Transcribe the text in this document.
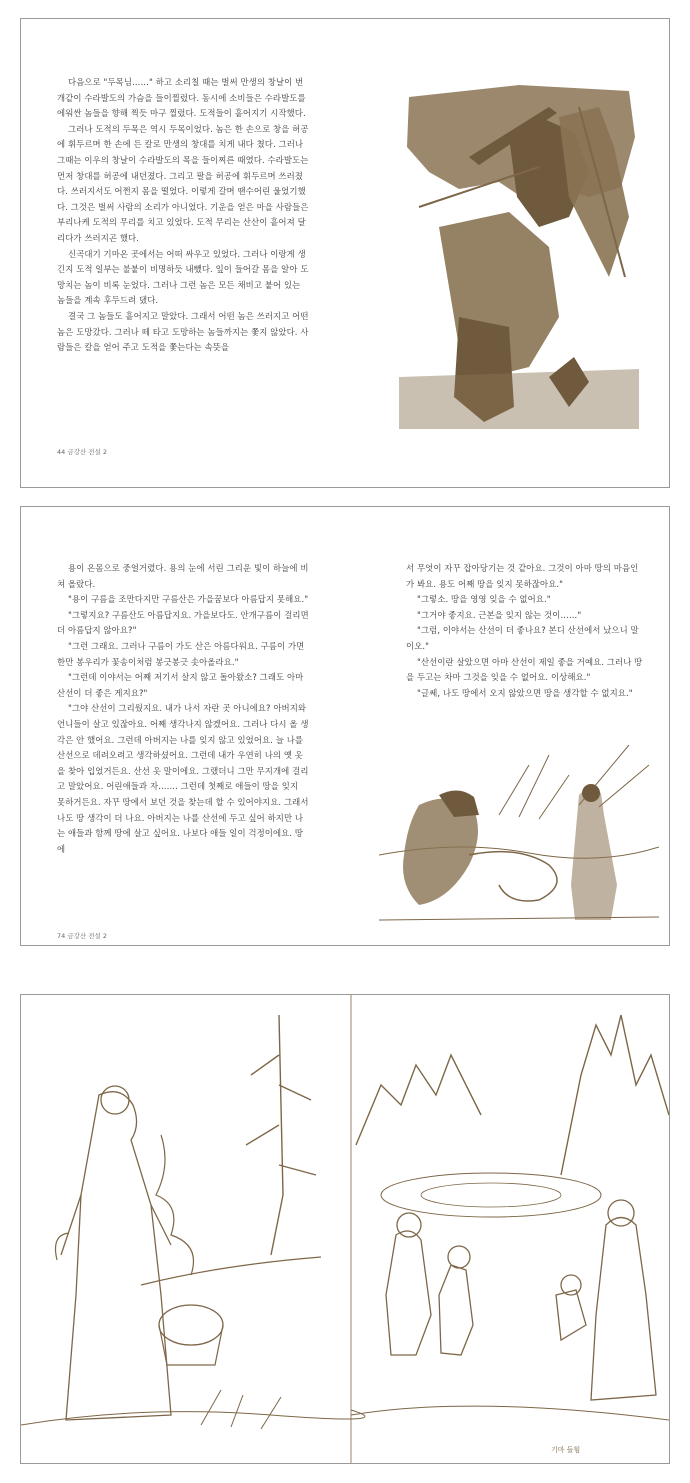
다음으로 "두목님……" 하고 소리칠 때는 벌써 만생의 창날이 번개같이 수라발도의 가슴을 들이찔렀다. 동시에 소비들은 수라발도를 에워싼 놈들을 향해 찍듯 마구 찔렀다. 도적들이 흩어지기 시작했다.

그러나 도적의 두목은 역시 두목이었다. 놈은 한 손으로 창을 허공에 휘두르며 한 손에 든 칼로 만생의 창대를 치게 내다 쳤다. 그러나 그때는 이우의 창날이 수라발도의 목을 들이찌른 때였다. 수라발도는 먼저 창대를 허공에 내던졌다. 그리고 팔을 허공에 휘두르며 쓰러졌다. 쓰러지서도 어쩐지 몸을 떨었다. 이렇게 갈며 땐수어린 울었기했다. 그것은 벌써 사람의 소리가 아니었다. 기운을 얻은 마을 사람들은 부리나케 도적의 무리를 치고 있었다. 도적 무리는 산산이 흩어져 달리다가 쓰러지곤 했다.

신곡대기 기마온 곳에서는 어떠 싸우고 있었다. 그러나 이랑게 생긴지 도적 일부는 불붙이 비명하듯 내뺐다. 잎이 들어갈 몸을 알아 도망치는 놈이 비록 눈었다. 그러나 그런 놈은 모든 채비고 붙어 있는 놈들을 계속 후두드려 댔다.

결국 그 놈들도 흩어지고 말았다. 그래서 어떤 놈은 쓰러지고 어떤 놈은 도망갔다. 그러나 떼 타고 도망하는 놈들까지는 쫓지 않았다. 사람들은 칼을 얻어 주고 도적을 쫓는다는 속뜻을

44 금강산 전설 2

용이 온몸으로 중얼거렸다. 용의 눈에 서린 그리운 빛이 하늘에 비쳐 올랐다.

"용이 구름을 조만다지만 구름산은 가을꿈보다 아름답지 못해요."

"그렇지요? 구름산도 아름답지요. 가을보다도. 안개구름이 걸리면 더 아름답지 않아요?"

"그런 그래요. 그러나 구름이 가도 산은 아름다워요. 구름이 가면 한만 봉우리가 꽃송이처럼 봉긋봉긋 솟아올라요."

"그런데 이야서는 어째 저기서 살지 않고 돌아왔소? 그래도 아마 산선이 더 좋은 게지요?"

"그야 산선이 그리웠지요. 내가 나서 자란 곳 아니에요? 아버지와 언니들이 살고 있잖아요. 어째 생각나지 않겠어요. 그러나 다시 올 생각은 안 했어요. 그런데 아버지는 나를 잊지 않고 있었어요. 늘 나를 산선으로 데려오려고 생각하셨어요. 그런데 내가 우연히 나의 옛 옷을 찾아 입었거든요. 산선 옷 말이에요. 그랬더니 그만 무지개에 걸리고 말았어요. 어린애들과 자……. 그런데 첫째로 애들이 땅을 잊지 못하거든요. 자꾸 땅에서 보던 것을 찾는데 할 수 있어야지요. 그래서 나도 땅 생각이 더 나요. 아버지는 나를 산선에 두고 싶어 하지만 나는 애들과 함께 땅에 살고 싶어요. 나보다 애들 일이 걱정이에요. 땅에

서 무엇이 자꾸 잡아당기는 것 같아요. 그것이 아마 땅의 마음인가 봐요. 용도 어째 땅을 잊지 못하잖아요."

"그렇소. 땅을 영영 잊을 수 없어요."

"그거야 좋지요. 근본을 잊지 않는 것이……"

"그럼, 이야서는 산선이 더 좋나요? 본디 산선에서 났으니 말이오."

"산선이란 살았으면 아마 산선이 제일 좋을 거예요. 그러나 땅을 두고는 차마 그것을 잊을 수 없어요. 이상해요."

"글쎄, 나도 땅에서 오지 않았으면 땅을 생각할 수 없지요."

74 금강산 전설 2
기마 들힘
